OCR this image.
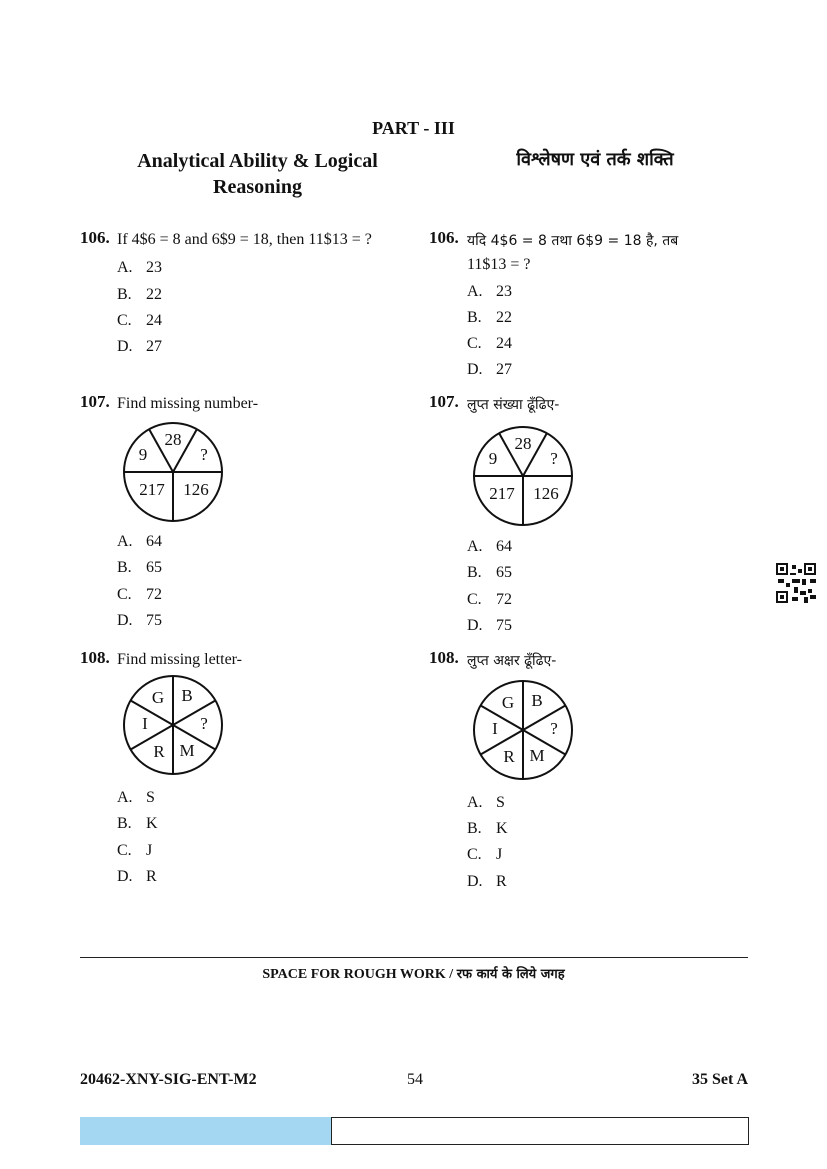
PART - III
Analytical Ability & Logical Reasoning
विश्लेषण एवं तर्क शक्ति
106. If 4$6 = 8 and 6$9 = 18, then 11$13 = ?
A. 23
B. 22
C. 24
D. 27
106. यदि 4$6 = 8 तथा 6$9 = 18 है, तब
11$13 = ?
A. 23
B. 22
C. 24
D. 27
107. Find missing number-
28
9	?
217 126
A. 64
B. 65
C. 72
D. 75
107. लुप्त संख्या ढूँढिए-
28
9	?
217 126
A. 64
B. 65
C. 72
D. 75
108. Find missing letter-
G B
?
M
R
I
A. S
B. K
C. J
D. R
108. लुप्त अक्षर ढूँढिए-
G B
?
M
R
I
A. S
B. K
C. J
D. R
SPACE FOR ROUGH WORK / रफ कार्य के लिये जगह
20462-XNY-SIG-ENT-M2	54	35 Set A
